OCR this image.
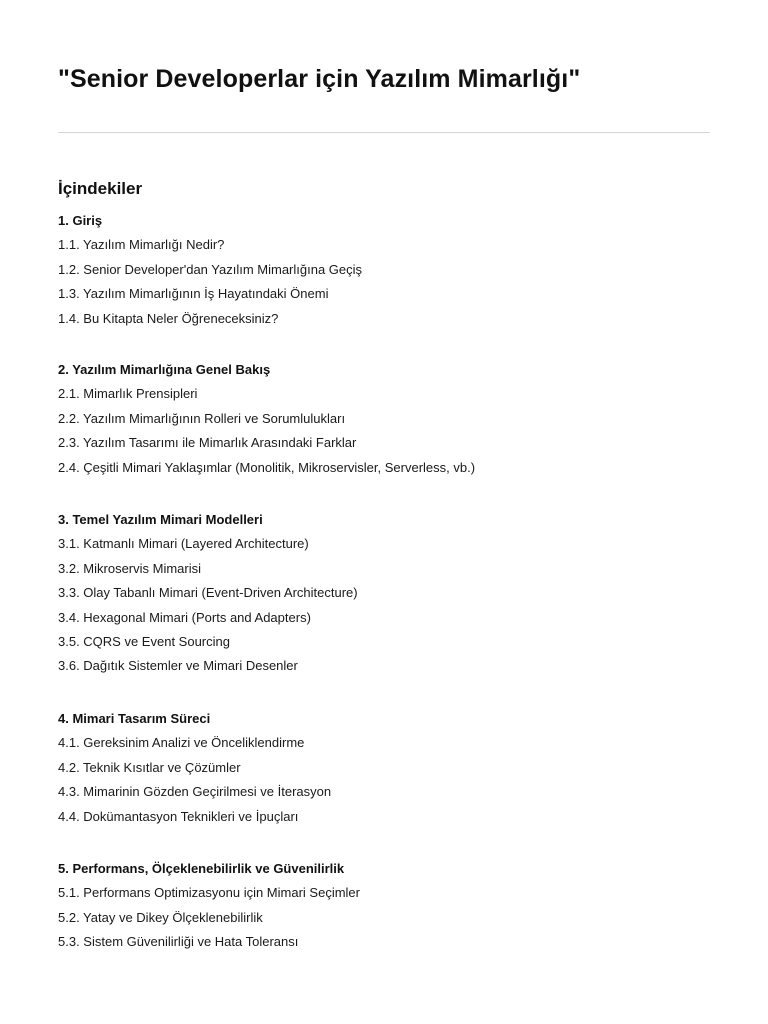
"Senior Developerlar için Yazılım Mimarlığı"
İçindekiler
1. Giriş
1.1. Yazılım Mimarlığı Nedir?
1.2. Senior Developer'dan Yazılım Mimarlığına Geçiş
1.3. Yazılım Mimarlığının İş Hayatındaki Önemi
1.4. Bu Kitapta Neler Öğreneceksiniz?
2. Yazılım Mimarlığına Genel Bakış
2.1. Mimarlık Prensipleri
2.2. Yazılım Mimarlığının Rolleri ve Sorumlulukları
2.3. Yazılım Tasarımı ile Mimarlık Arasındaki Farklar
2.4. Çeşitli Mimari Yaklaşımlar (Monolitik, Mikroservisler, Serverless, vb.)
3. Temel Yazılım Mimari Modelleri
3.1. Katmanlı Mimari (Layered Architecture)
3.2. Mikroservis Mimarisi
3.3. Olay Tabanlı Mimari (Event-Driven Architecture)
3.4. Hexagonal Mimari (Ports and Adapters)
3.5. CQRS ve Event Sourcing
3.6. Dağıtık Sistemler ve Mimari Desenler
4. Mimari Tasarım Süreci
4.1. Gereksinim Analizi ve Önceliklendirme
4.2. Teknik Kısıtlar ve Çözümler
4.3. Mimarinin Gözden Geçirilmesi ve İterasyon
4.4. Dokümantasyon Teknikleri ve İpuçları
5. Performans, Ölçeklenebilirlik ve Güvenilirlik
5.1. Performans Optimizasyonu için Mimari Seçimler
5.2. Yatay ve Dikey Ölçeklenebilirlik
5.3. Sistem Güvenilirliği ve Hata Toleransı
